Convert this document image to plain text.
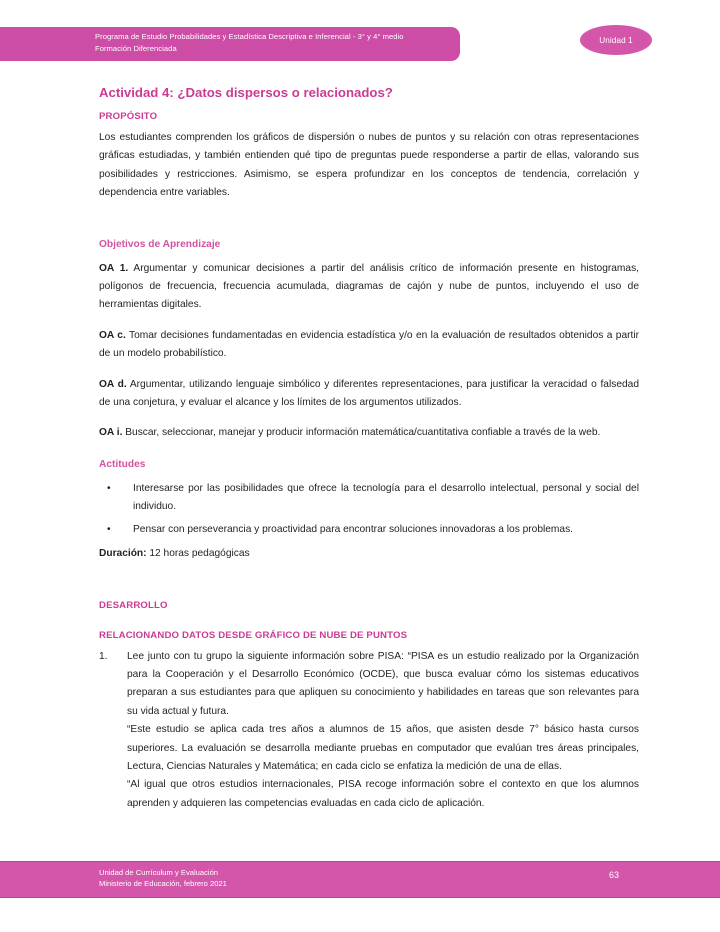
Programa de Estudio Probabilidades y Estadística Descriptiva e Inferencial - 3° y 4° medio
Formación Diferenciada
Unidad 1
Actividad 4: ¿Datos dispersos o relacionados?
PROPÓSITO

Los estudiantes comprenden los gráficos de dispersión o nubes de puntos y su relación con otras representaciones gráficas estudiadas, y también entienden qué tipo de preguntas puede responderse a partir de ellas, valorando sus posibilidades y restricciones. Asimismo, se espera profundizar en los conceptos de tendencia, correlación y dependencia entre variables.

Objetivos de Aprendizaje

OA 1. Argumentar y comunicar decisiones a partir del análisis crítico de información presente en histogramas, polígonos de frecuencia, frecuencia acumulada, diagramas de cajón y nube de puntos, incluyendo el uso de herramientas digitales.

OA c. Tomar decisiones fundamentadas en evidencia estadística y/o en la evaluación de resultados obtenidos a partir de un modelo probabilístico.

OA d. Argumentar, utilizando lenguaje simbólico y diferentes representaciones, para justificar la veracidad o falsedad de una conjetura, y evaluar el alcance y los límites de los argumentos utilizados.

OA i. Buscar, seleccionar, manejar y producir información matemática/cuantitativa confiable a través de la web.

Actitudes
• Interesarse por las posibilidades que ofrece la tecnología para el desarrollo intelectual, personal y social del individuo.
• Pensar con perseverancia y proactividad para encontrar soluciones innovadoras a los problemas.

Duración: 12 horas pedagógicas

DESARROLLO
RELACIONANDO DATOS DESDE GRÁFICO DE NUBE DE PUNTOS
1. Lee junto con tu grupo la siguiente información sobre PISA: “PISA es un estudio realizado por la Organización para la Cooperación y el Desarrollo Económico (OCDE), que busca evaluar cómo los sistemas educativos preparan a sus estudiantes para que apliquen su conocimiento y habilidades en tareas que son relevantes para su vida actual y futura.
“Este estudio se aplica cada tres años a alumnos de 15 años, que asisten desde 7° básico hasta cursos superiores. La evaluación se desarrolla mediante pruebas en computador que evalúan tres áreas principales, Lectura, Ciencias Naturales y Matemática; en cada ciclo se enfatiza la medición de una de ellas.
“Al igual que otros estudios internacionales, PISA recoge información sobre el contexto en que los alumnos aprenden y adquieren las competencias evaluadas en cada ciclo de aplicación.
Unidad de Currículum y Evaluación
Ministerio de Educación, febrero 2021
63
